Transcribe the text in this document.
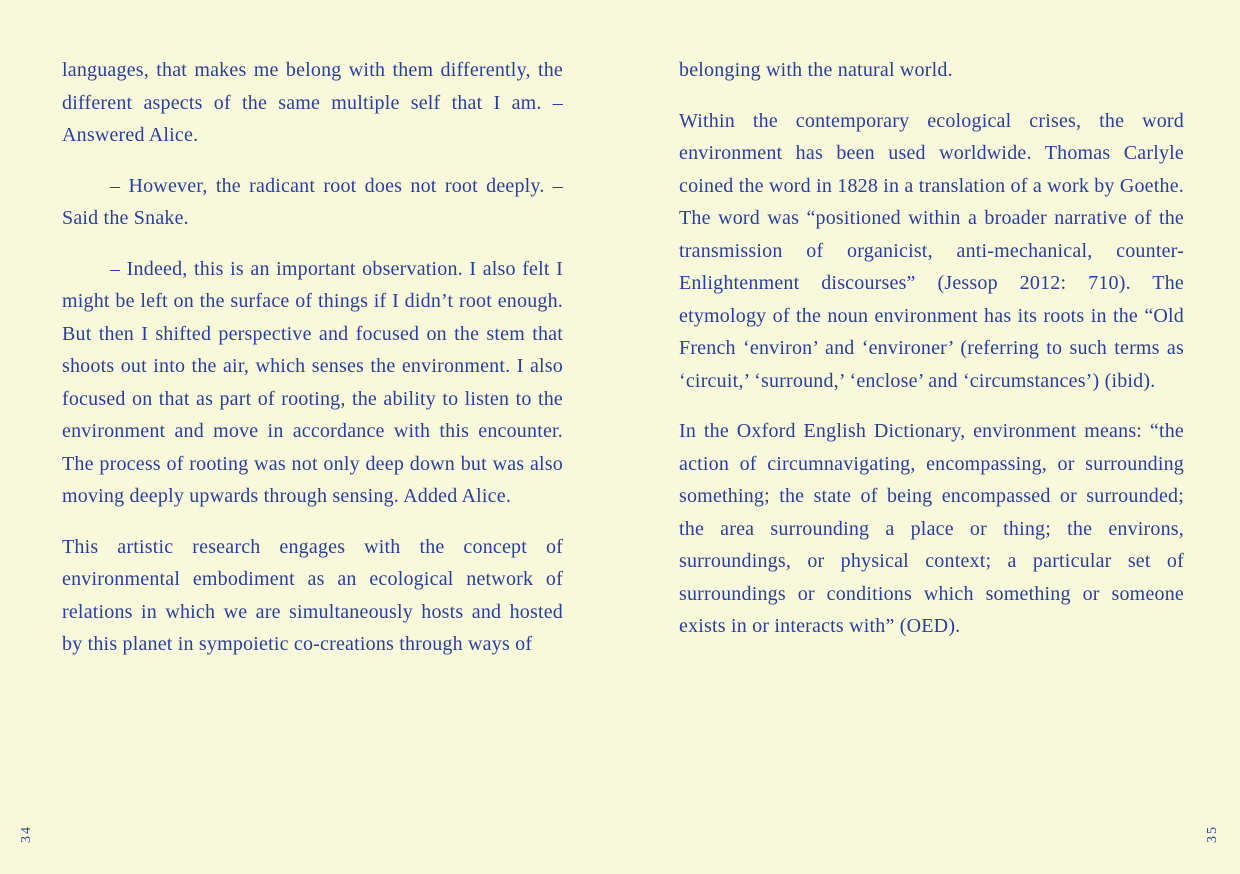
languages, that makes me belong with them differently, the different aspects of the same multiple self that I am. – Answered Alice.

– However, the radicant root does not root deeply. – Said the Snake.

– Indeed, this is an important observation. I also felt I might be left on the surface of things if I didn’t root enough. But then I shifted perspective and focused on the stem that shoots out into the air, which senses the environment. I also focused on that as part of rooting, the ability to listen to the environment and move in accordance with this encounter. The process of rooting was not only deep down but was also moving deeply upwards through sensing. Added Alice.

This artistic research engages with the concept of environmental embodiment as an ecological network of relations in which we are simultaneously hosts and hosted by this planet in sympoietic co-creations through ways of

belonging with the natural world.

Within the contemporary ecological crises, the word environment has been used worldwide. Thomas Carlyle coined the word in 1828 in a translation of a work by Goethe. The word was “positioned within a broader narrative of the transmission of organicist, anti-mechanical, counter-Enlightenment discourses” (Jessop 2012: 710). The etymology of the noun environment has its roots in the “Old French ‘environ’ and ‘environer’ (referring to such terms as ‘circuit,’ ‘surround,’ ‘enclose’ and ‘circumstances’) (ibid).

In the Oxford English Dictionary, environment means: “the action of circumnavigating, encompassing, or surrounding something; the state of being encompassed or surrounded; the area surrounding a place or thing; the environs, surroundings, or physical context; a particular set of surroundings or conditions which something or someone exists in or interacts with” (OED).

34	35
